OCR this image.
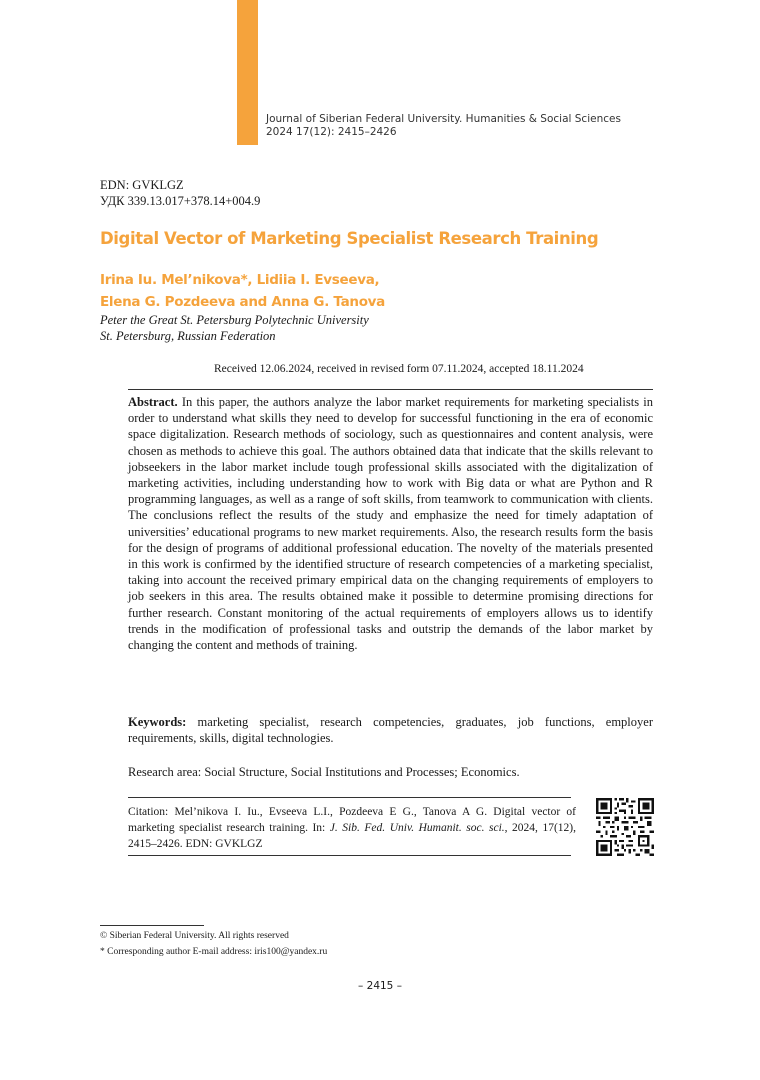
Journal of Siberian Federal University. Humanities & Social Sciences
2024 17(12): 2415–2426
EDN: GVKLGZ
УДК 339.13.017+378.14+004.9
Digital Vector of Marketing Specialist Research Training
Irina Iu. Mel’nikova*, Lidiia I. Evseeva,
Elena G. Pozdeeva and Anna G. Tanova
Peter the Great St. Petersburg Polytechnic University
St. Petersburg, Russian Federation
Received 12.06.2024, received in revised form 07.11.2024, accepted 18.11.2024
Abstract. In this paper, the authors analyze the labor market requirements for marketing specialists in order to understand what skills they need to develop for successful functioning in the era of economic space digitalization. Research methods of sociology, such as questionnaires and content analysis, were chosen as methods to achieve this goal. The authors obtained data that indicate that the skills relevant to jobseekers in the labor market include tough professional skills associated with the digitalization of marketing activities, including understanding how to work with Big data or what are Python and R programming languages, as well as a range of soft skills, from teamwork to communication with clients. The conclusions reflect the results of the study and emphasize the need for timely adaptation of universities’ educational programs to new market requirements. Also, the research results form the basis for the design of programs of additional professional education. The novelty of the materials presented in this work is confirmed by the identified structure of research competencies of a marketing specialist, taking into account the received primary empirical data on the changing requirements of employers to job seekers in this area. The results obtained make it possible to determine promising directions for further research. Constant monitoring of the actual requirements of employers allows us to identify trends in the modification of professional tasks and outstrip the demands of the labor market by changing the content and methods of training.
Keywords: marketing specialist, research competencies, graduates, job functions, employer requirements, skills, digital technologies.
Research area: Social Structure, Social Institutions and Processes; Economics.
Citation: Mel’nikova I. Iu., Evseeva L.I., Pozdeeva E G., Tanova A G. Digital vector of marketing specialist research training. In: J. Sib. Fed. Univ. Humanit. soc. sci., 2024, 17(12), 2415–2426. EDN: GVKLGZ
© Siberian Federal University. All rights reserved
* Corresponding author E-mail address: iris100@yandex.ru
– 2415 –
